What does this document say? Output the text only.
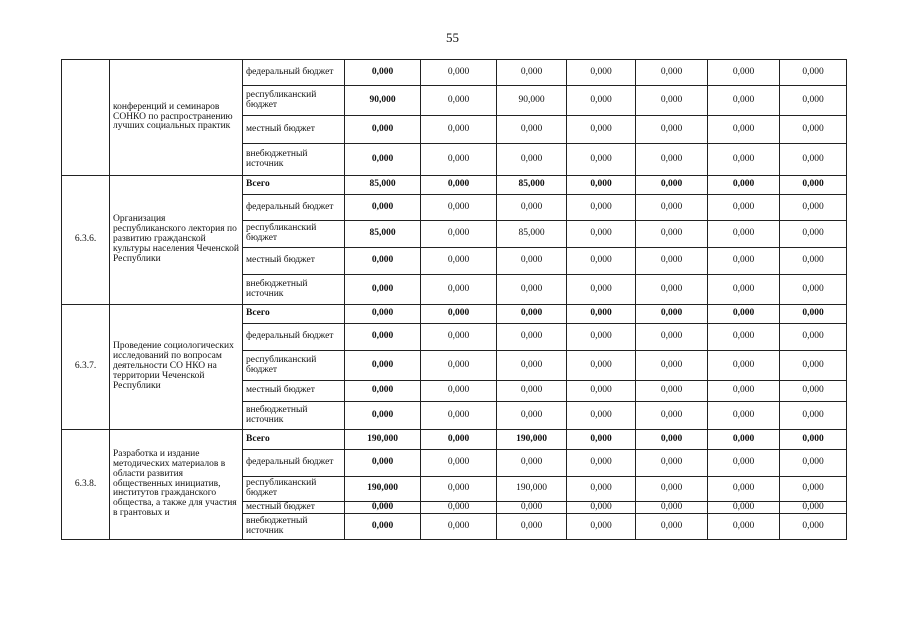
55
	конференций и семинаров СОНКО по распространению лучших социальных практик	федеральный бюджет	0,000	0,000	0,000	0,000	0,000	0,000	0,000
		республиканский бюджет	90,000	0,000	90,000	0,000	0,000	0,000	0,000
		местный бюджет	0,000	0,000	0,000	0,000	0,000	0,000	0,000
		внебюджетный источник	0,000	0,000	0,000	0,000	0,000	0,000	0,000
6.3.6.	Организация республиканского лектория по развитию гражданской культуры населения Чеченской Республики	Всего	85,000	0,000	85,000	0,000	0,000	0,000	0,000
		федеральный бюджет	0,000	0,000	0,000	0,000	0,000	0,000	0,000
		республиканский бюджет	85,000	0,000	85,000	0,000	0,000	0,000	0,000
		местный бюджет	0,000	0,000	0,000	0,000	0,000	0,000	0,000
		внебюджетный источник	0,000	0,000	0,000	0,000	0,000	0,000	0,000
6.3.7.	Проведение социологических исследований по вопросам деятельности СО НКО на территории Чеченской Республики	Всего	0,000	0,000	0,000	0,000	0,000	0,000	0,000
		федеральный бюджет	0,000	0,000	0,000	0,000	0,000	0,000	0,000
		республиканский бюджет	0,000	0,000	0,000	0,000	0,000	0,000	0,000
		местный бюджет	0,000	0,000	0,000	0,000	0,000	0,000	0,000
		внебюджетный источник	0,000	0,000	0,000	0,000	0,000	0,000	0,000
6.3.8.	Разработка и издание методических материалов в области развития общественных инициатив, институтов гражданского общества, а также для участия в грантовых и	Всего	190,000	0,000	190,000	0,000	0,000	0,000	0,000
		федеральный бюджет	0,000	0,000	0,000	0,000	0,000	0,000	0,000
		республиканский бюджет	190,000	0,000	190,000	0,000	0,000	0,000	0,000
		местный бюджет	0,000	0,000	0,000	0,000	0,000	0,000	0,000
		внебюджетный источник	0,000	0,000	0,000	0,000	0,000	0,000	0,000
